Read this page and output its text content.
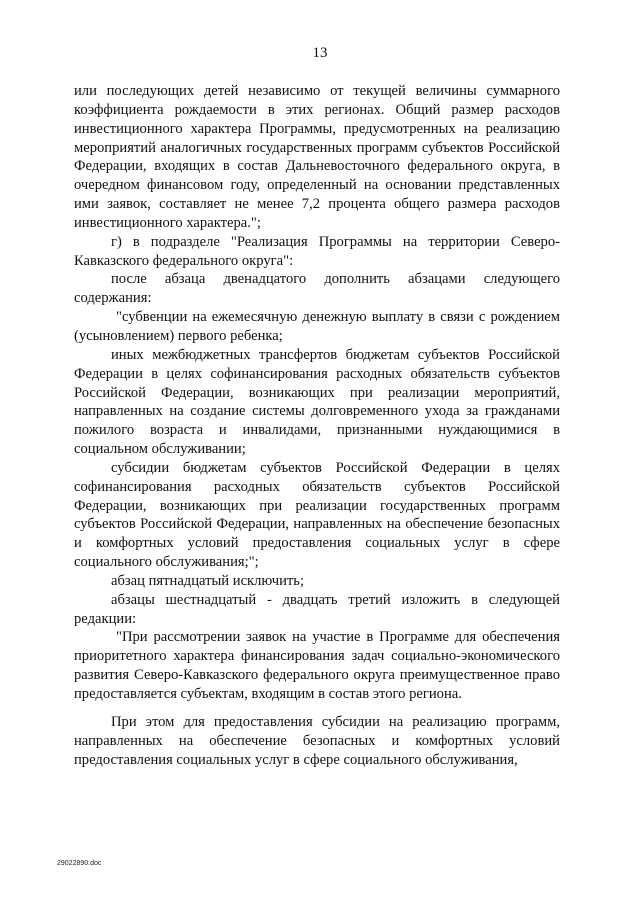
13

или последующих детей независимо от текущей величины суммарного коэффициента рождаемости в этих регионах. Общий размер расходов инвестиционного характера Программы, предусмотренных на реализацию мероприятий аналогичных государственных программ субъектов Российской Федерации, входящих в состав Дальневосточного федерального округа, в очередном финансовом году, определенный на основании представленных ими заявок, составляет не менее 7,2 процента общего размера расходов инвестиционного характера.";

г) в подразделе "Реализация Программы на территории Северо-Кавказского федерального округа":

после абзаца двенадцатого дополнить абзацами следующего содержания:

"субвенции на ежемесячную денежную выплату в связи с рождением (усыновлением) первого ребенка;

иных межбюджетных трансфертов бюджетам субъектов Российской Федерации в целях софинансирования расходных обязательств субъектов Российской Федерации, возникающих при реализации мероприятий, направленных на создание системы долговременного ухода за гражданами пожилого возраста и инвалидами, признанными нуждающимися в социальном обслуживании;

субсидии бюджетам субъектов Российской Федерации в целях софинансирования расходных обязательств субъектов Российской Федерации, возникающих при реализации государственных программ субъектов Российской Федерации, направленных на обеспечение безопасных и комфортных условий предоставления социальных услуг в сфере социального обслуживания;";

абзац пятнадцатый исключить;

абзацы шестнадцатый - двадцать третий изложить в следующей редакции:

"При рассмотрении заявок на участие в Программе для обеспечения приоритетного характера финансирования задач социально-экономического развития Северо-Кавказского федерального округа преимущественное право предоставляется субъектам, входящим в состав этого региона.

При этом для предоставления субсидии на реализацию программ, направленных на обеспечение безопасных и комфортных условий предоставления социальных услуг в сфере социального обслуживания,

29022890.doc
